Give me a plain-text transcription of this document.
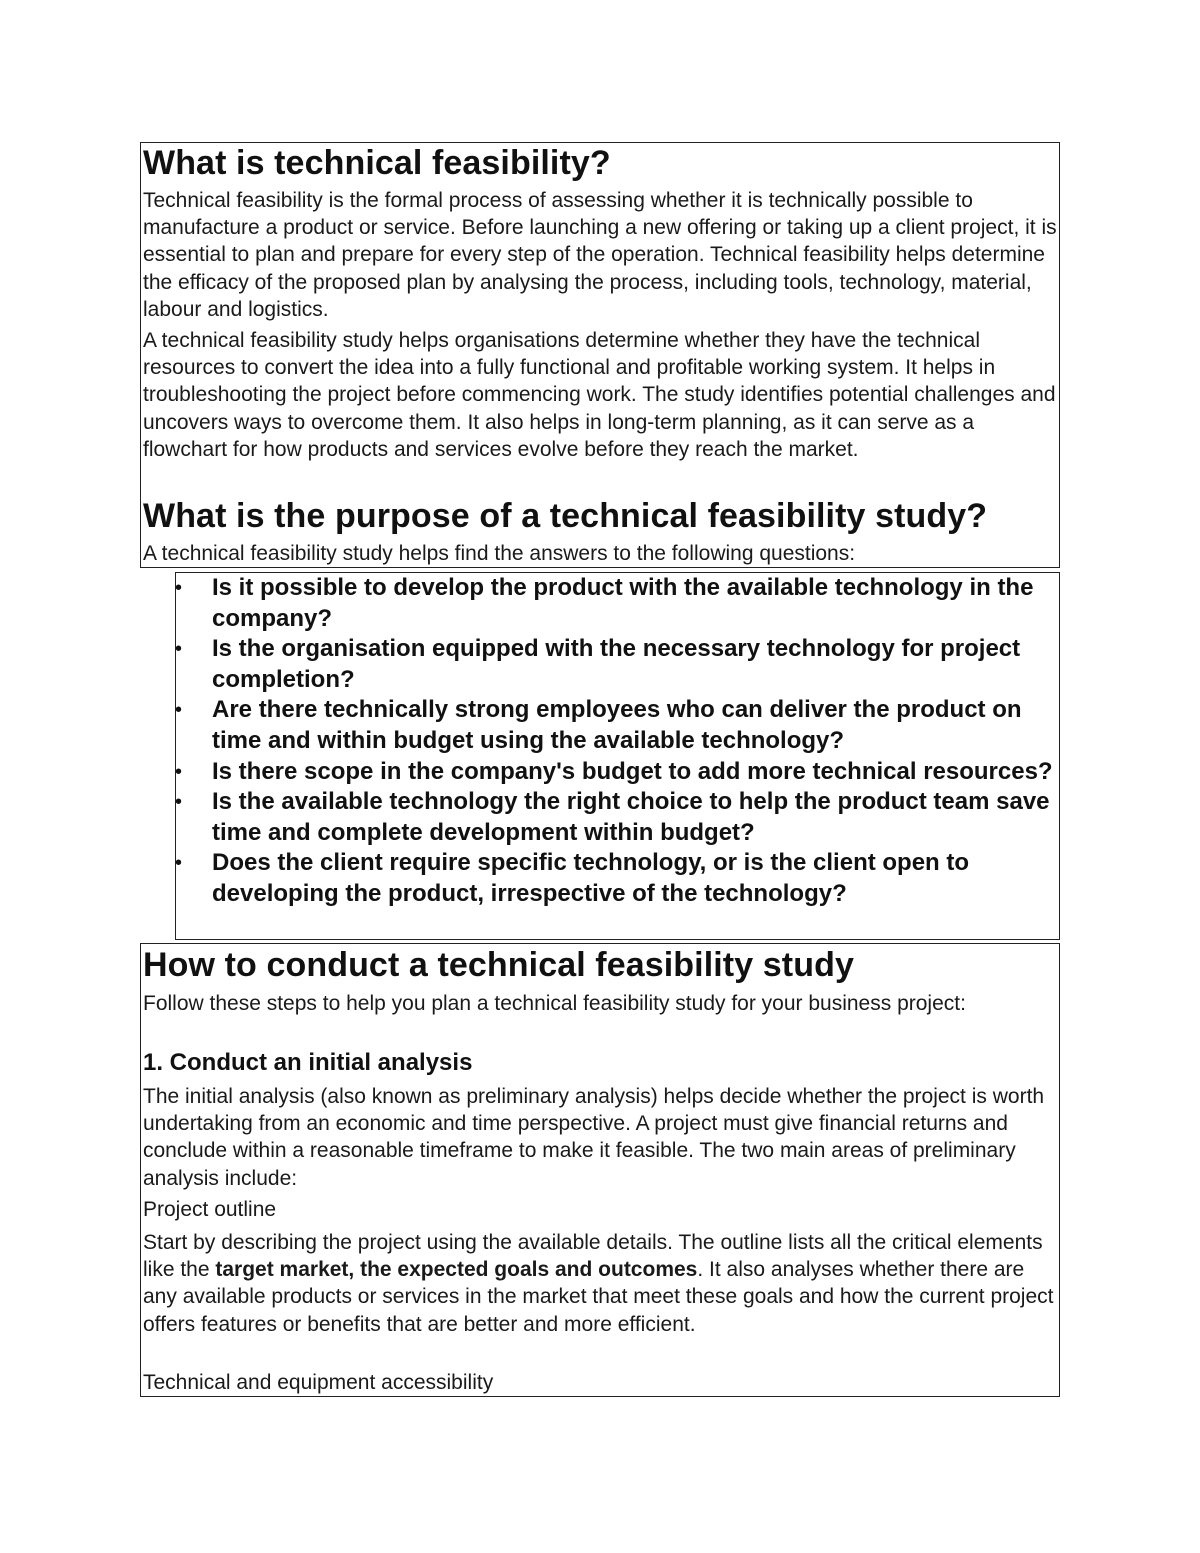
What is technical feasibility?

Technical feasibility is the formal process of assessing whether it is technically possible to manufacture a product or service. Before launching a new offering or taking up a client project, it is essential to plan and prepare for every step of the operation. Technical feasibility helps determine the efficacy of the proposed plan by analysing the process, including tools, technology, material, labour and logistics.

A technical feasibility study helps organisations determine whether they have the technical resources to convert the idea into a fully functional and profitable working system. It helps in troubleshooting the project before commencing work. The study identifies potential challenges and uncovers ways to overcome them. It also helps in long-term planning, as it can serve as a flowchart for how products and services evolve before they reach the market.

What is the purpose of a technical feasibility study?

A technical feasibility study helps find the answers to the following questions:

• Is it possible to develop the product with the available technology in the company?
• Is the organisation equipped with the necessary technology for project completion?
• Are there technically strong employees who can deliver the product on time and within budget using the available technology?
• Is there scope in the company's budget to add more technical resources?
• Is the available technology the right choice to help the product team save time and complete development within budget?
• Does the client require specific technology, or is the client open to developing the product, irrespective of the technology?
How to conduct a technical feasibility study

Follow these steps to help you plan a technical feasibility study for your business project:

1. Conduct an initial analysis

The initial analysis (also known as preliminary analysis) helps decide whether the project is worth undertaking from an economic and time perspective. A project must give financial returns and conclude within a reasonable timeframe to make it feasible. The two main areas of preliminary analysis include:

Project outline

Start by describing the project using the available details. The outline lists all the critical elements like the target market, the expected goals and outcomes. It also analyses whether there are any available products or services in the market that meet these goals and how the current project offers features or benefits that are better and more efficient.

Technical and equipment accessibility
